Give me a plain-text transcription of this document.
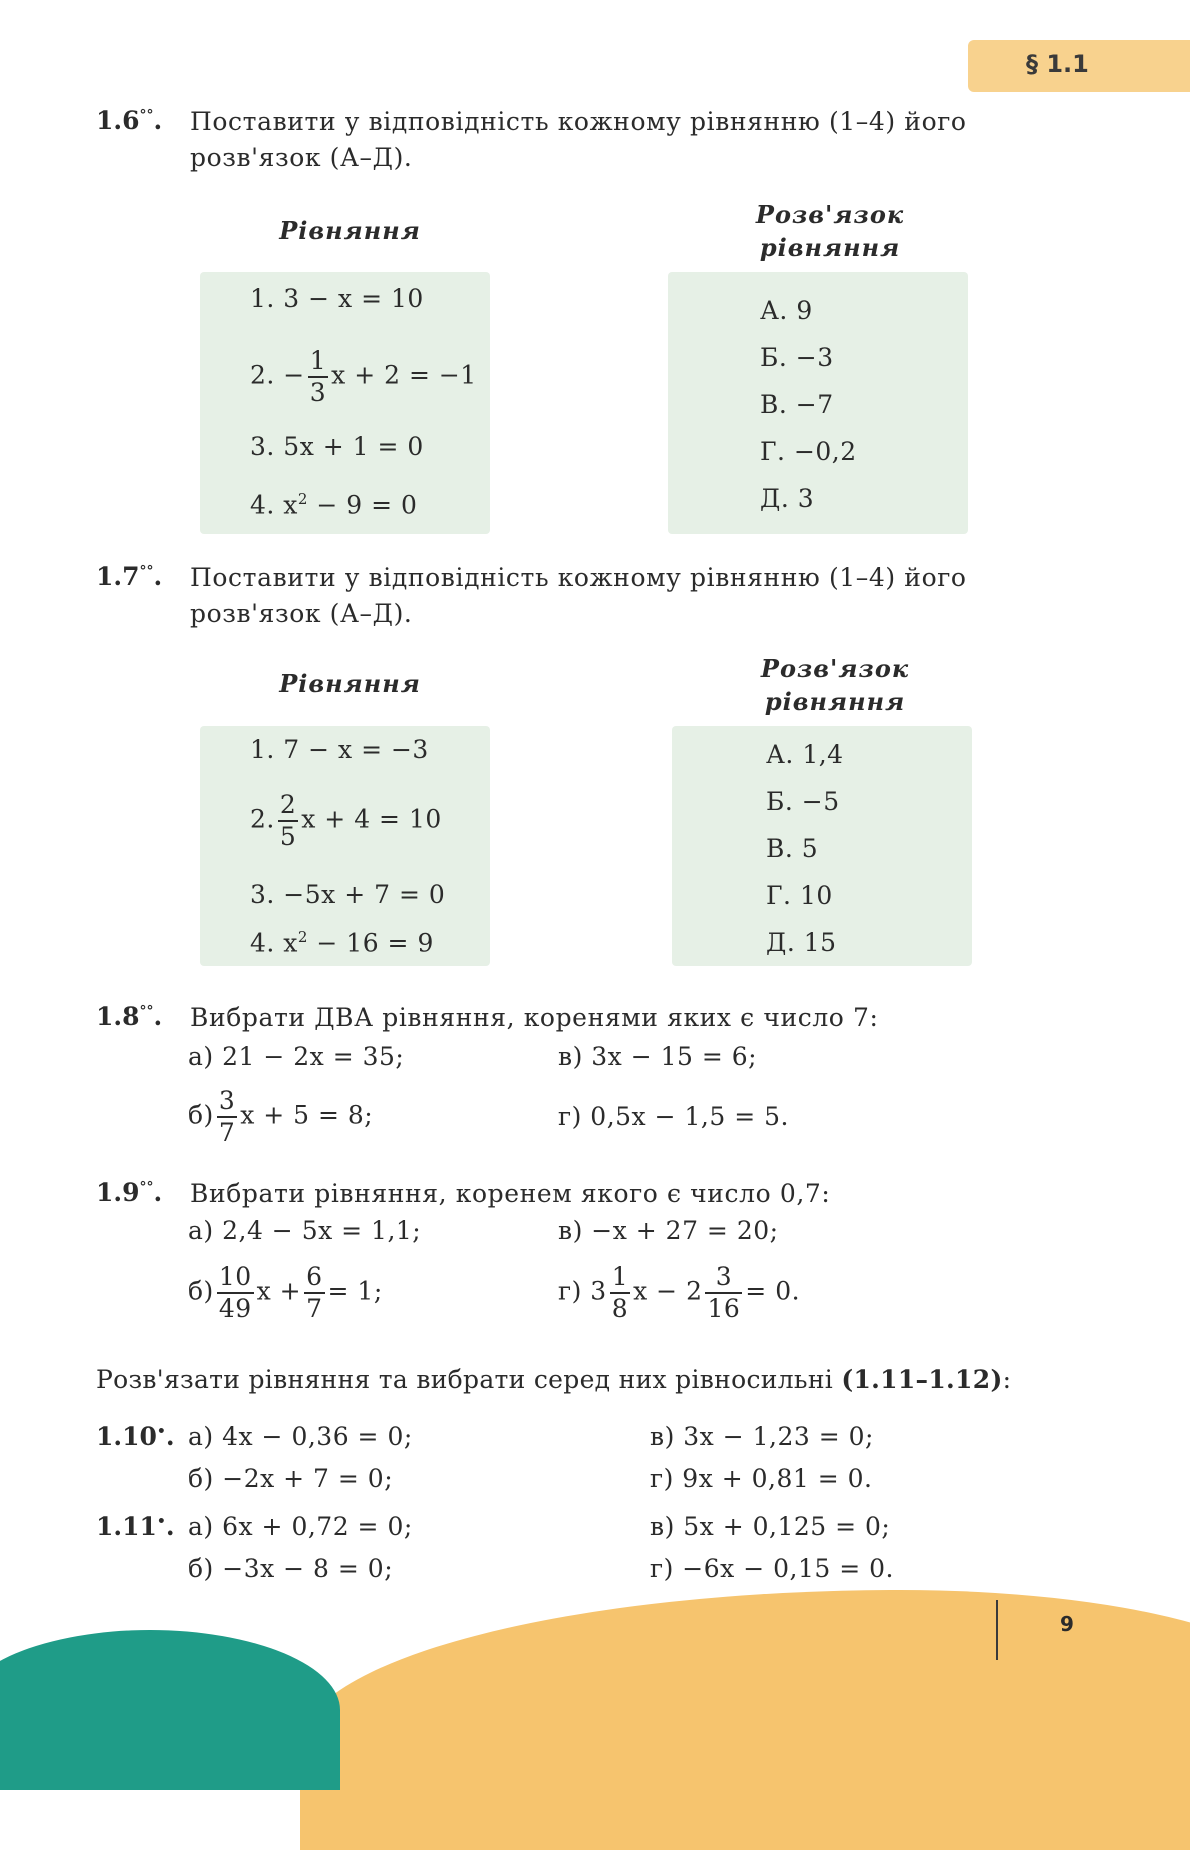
§ 1.1
1.6°°. Поставити у відповідність кожному рівнянню (1–4) його
розв'язок (А–Д).
Рівняння
Розв'язок
рівняння
1. 3 − x = 10
2. − $\frac{1}{3}$ x + 2 = −1
3. 5x + 1 = 0
4. $x^2 - 9 = 0$
А. 9
Б. −3
В. −7
Г. −0,2
Д. 3
1.7°°. Поставити у відповідність кожному рівнянню (1–4) його
розв'язок (А–Д).
Рівняння
Розв'язок
рівняння
1. 7 − x = −3
2. $\frac{2}{5}$ x + 4 = 10
3. −5x + 7 = 0
4. $x^2 - 16 = 9$
А. 1,4
Б. −5
В. 5
Г. 10
Д. 15
1.8°°. Вибрати ДВА рівняння, коренями яких є число 7:
а) 21 − 2x = 35;	в) 3x − 15 = 6;
$б) \frac{3}{7}$ x + 5 = 8;	г) 0,5x − 1,5 = 5.
1.9°°. Вибрати рівняння, коренем якого є число 0,7:
а) 2,4 − 5x = 1,1;	в) −x + 27 = 20;
$б) \frac{10}{49}$ $x + \frac{6}{7} = 1$;	г) $3 \frac{1}{8}$ $x - 2 \frac{3}{16} = 0$.
Розв'язати рівняння та вибрати серед них рівносильні (1.11–1.12):
1.10•. а) 4x − 0,36 = 0;	в) 3x − 1,23 = 0;
б) −2x + 7 = 0;	г) 9x + 0,81 = 0.
1.11•. а) 6x + 0,72 = 0;	в) 5x + 0,125 = 0;
б) −3x − 8 = 0;	г) −6x − 0,15 = 0.
9
